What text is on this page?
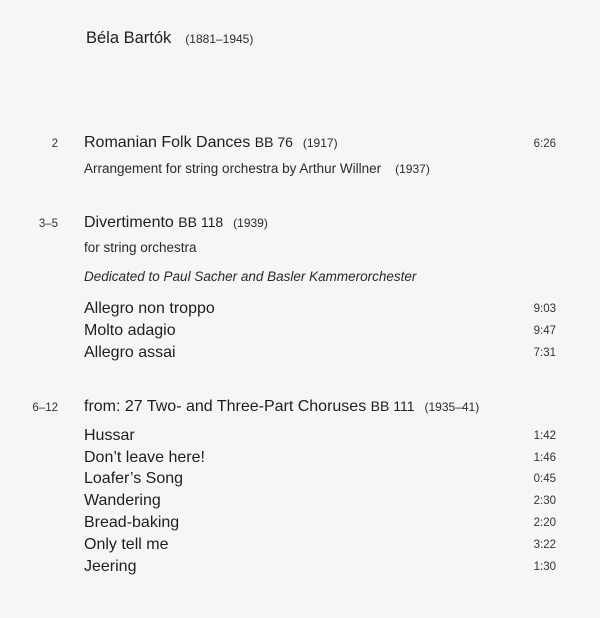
Béla Bartók (1881–1945)
2 Romanian Folk Dances BB 76 (1917)	6:26
Arrangement for string orchestra by Arthur Willner (1937)
3–5 Divertimento BB 118 (1939)
for string orchestra
Dedicated to Paul Sacher and Basler Kammerorchester
Allegro non troppo	9:03
Molto adagio	9:47
Allegro assai	7:31
6–12 from: 27 Two- and Three-Part Choruses BB 111 (1935–41)
Hussar	1:42
Don’t leave here!	1:46
Loafer’s Song	0:45
Wandering	2:30
Bread-baking	2:20
Only tell me	3:22
Jeering	1:30
